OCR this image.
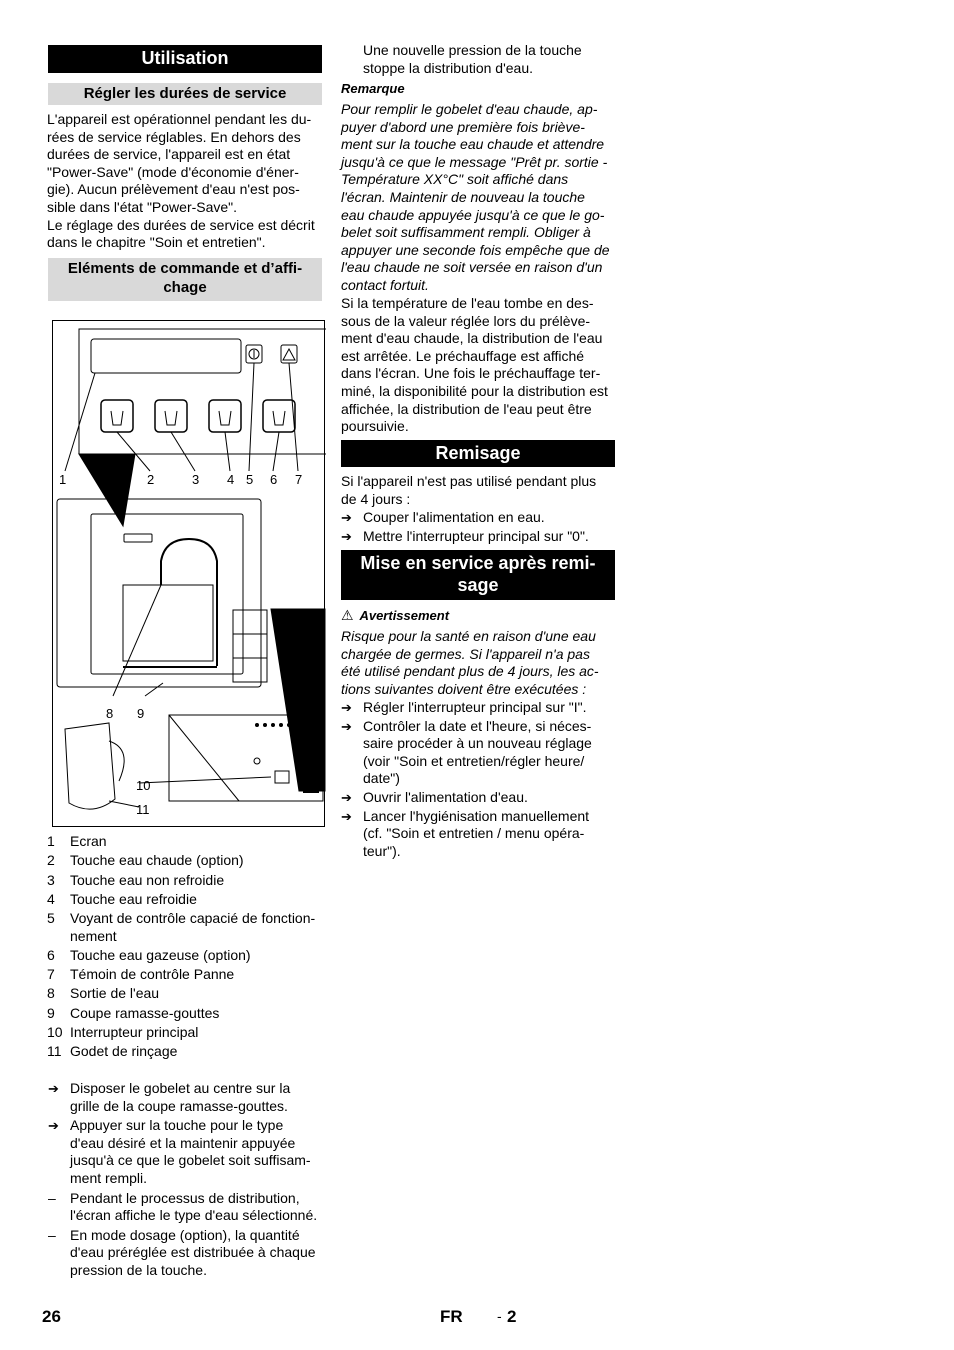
Utilisation
Régler les durées de service
L'appareil est opérationnel pendant les du-
rées de service réglables. En dehors des
durées de service, l'appareil est en état
"Power-Save" (mode d'économie d'éner-
gie). Aucun prélèvement d'eau n'est pos-
sible dans l'état "Power-Save".
Le réglage des durées de service est décrit
dans le chapitre "Soin et entretien".
Eléments de commande et d’affi-
chage
1	2	3 4 5 6 7
8 9
10
11
1 Ecran
2 Touche eau chaude (option)
3 Touche eau non refroidie
4 Touche eau refroidie
5 Voyant de contrôle capacié de fonction-
nement
6 Touche eau gazeuse (option)
7 Témoin de contrôle Panne
8 Sortie de l'eau
9 Coupe ramasse-gouttes
10 Interrupteur principal
11 Godet de rinçage
➔ Disposer le gobelet au centre sur la
grille de la coupe ramasse-gouttes.
➔ Appuyer sur la touche pour le type
d'eau désiré et la maintenir appuyée
jusqu'à ce que le gobelet soit suffisam-
ment rempli.
– Pendant le processus de distribution,
l'écran affiche le type d'eau sélectionné.
– En mode dosage (option), la quantité
d'eau préréglée est distribuée à chaque
pression de la touche.
Une nouvelle pression de la touche
stoppe la distribution d'eau.
Remarque
Pour remplir le gobelet d'eau chaude, ap-
puyer d'abord une première fois briève-
ment sur la touche eau chaude et attendre
jusqu'à ce que le message "Prêt pr. sortie -
Température XX°C" soit affiché dans
l'écran. Maintenir de nouveau la touche
eau chaude appuyée jusqu'à ce que le go-
belet soit suffisamment rempli. Obliger à
appuyer une seconde fois empêche que de
l'eau chaude ne soit versée en raison d'un
contact fortuit.
Si la température de l'eau tombe en des-
sous de la valeur réglée lors du prélève-
ment d'eau chaude, la distribution de l'eau
est arrêtée. Le préchauffage est affiché
dans l'écran. Une fois le préchauffage ter-
miné, la disponibilité pour la distribution est
affichée, la distribution de l'eau peut être
poursuivie.
Remisage
Si l'appareil n'est pas utilisé pendant plus
de 4 jours :
➔ Couper l'alimentation en eau.
➔ Mettre l'interrupteur principal sur "0".
Mise en service après remi-
sage
⚠ Avertissement
Risque pour la santé en raison d'une eau
chargée de germes. Si l'appareil n'a pas
été utilisé pendant plus de 4 jours, les ac-
tions suivantes doivent être exécutées :
➔ Régler l'interrupteur principal sur "I".
➔ Contrôler la date et l'heure, si néces-
saire procéder à un nouveau réglage
(voir "Soin et entretien/régler heure/
date")
➔ Ouvrir l'alimentation d'eau.
➔ Lancer l'hygiénisation manuellement
(cf. "Soin et entretien / menu opéra-
teur").
26	FR - 2
